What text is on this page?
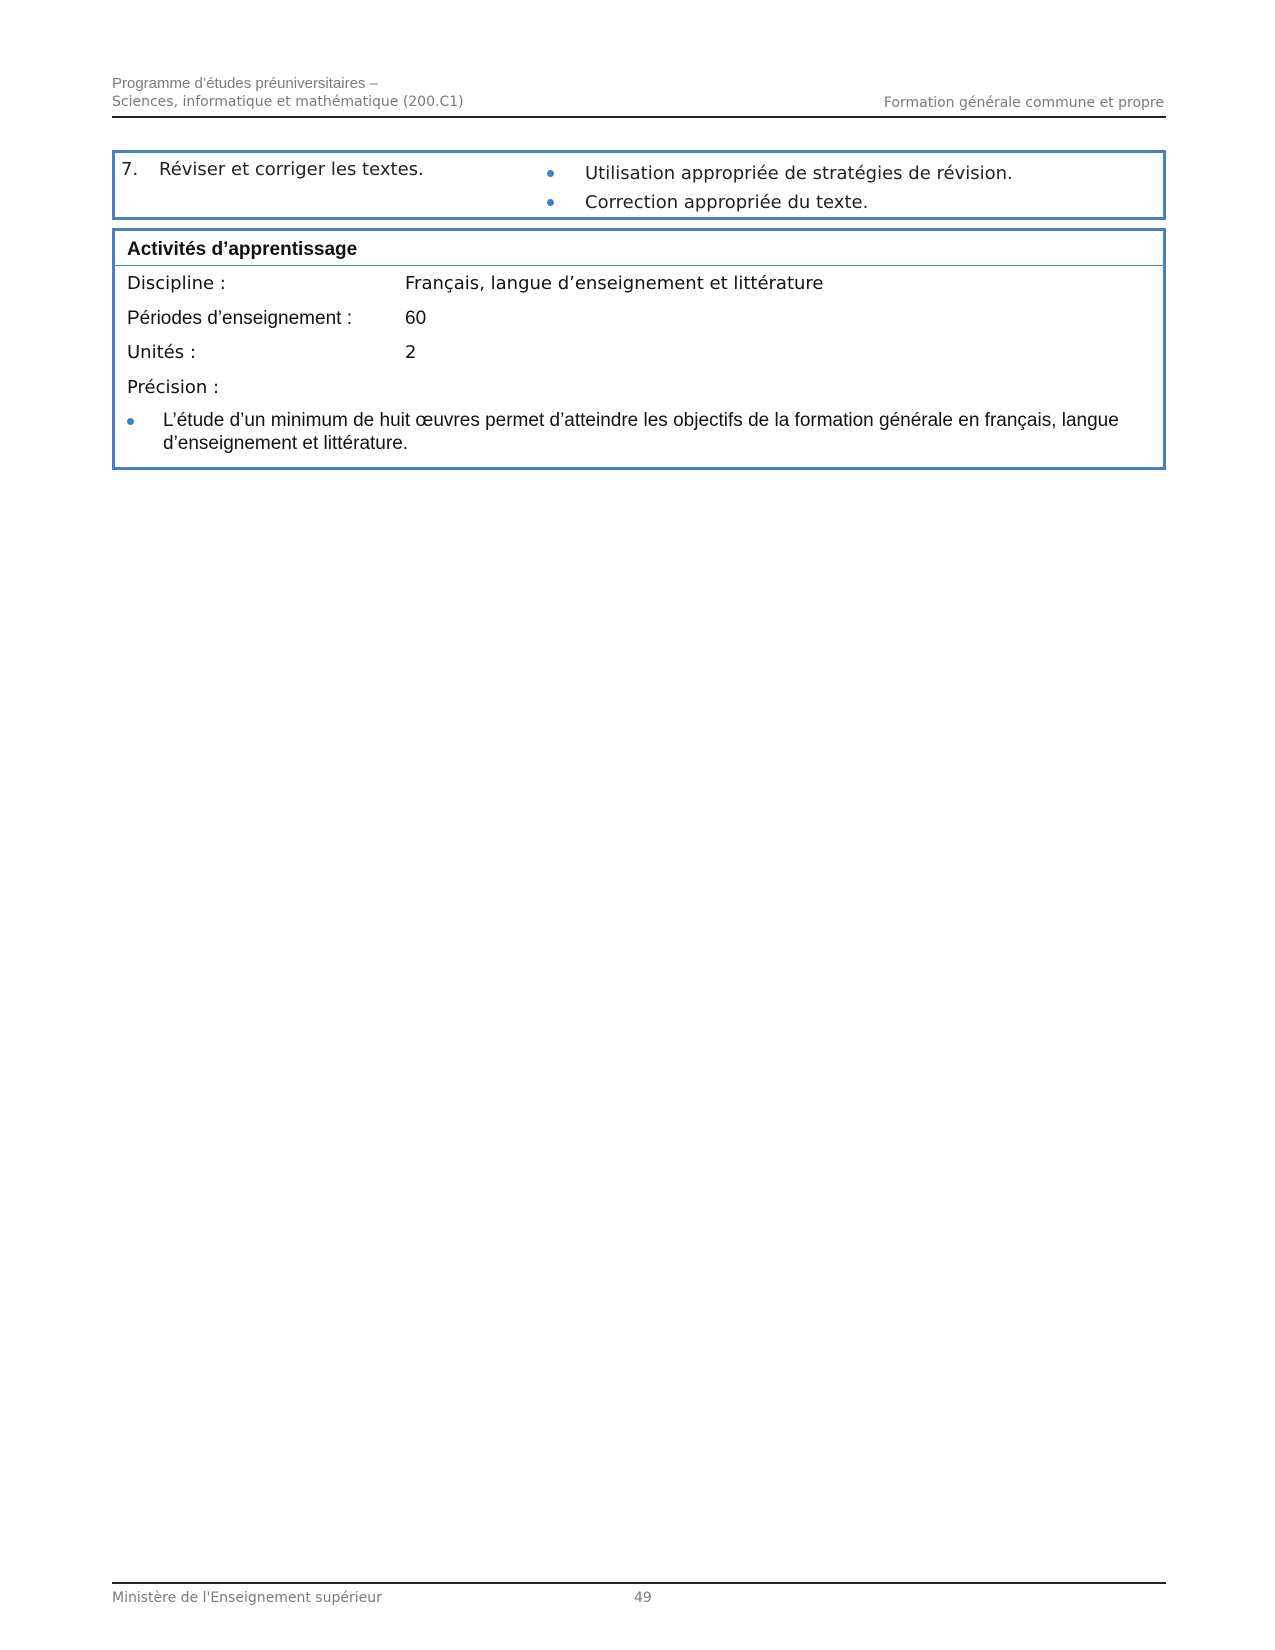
Programme d’études préuniversitaires –
Sciences, informatique et mathématique (200.C1)	Formation générale commune et propre
7. Réviser et corriger les textes.	Utilisation appropriée de stratégies de révision.
Correction appropriée du texte.
Activités d’apprentissage
Discipline :	Français, langue d’enseignement et littérature
Périodes d’enseignement :	60
Unités :	2
Précision :
L’étude d’un minimum de huit œuvres permet d’atteindre les objectifs de la formation générale en français, langue d’enseignement et littérature.
Ministère de l'Enseignement supérieur	49
